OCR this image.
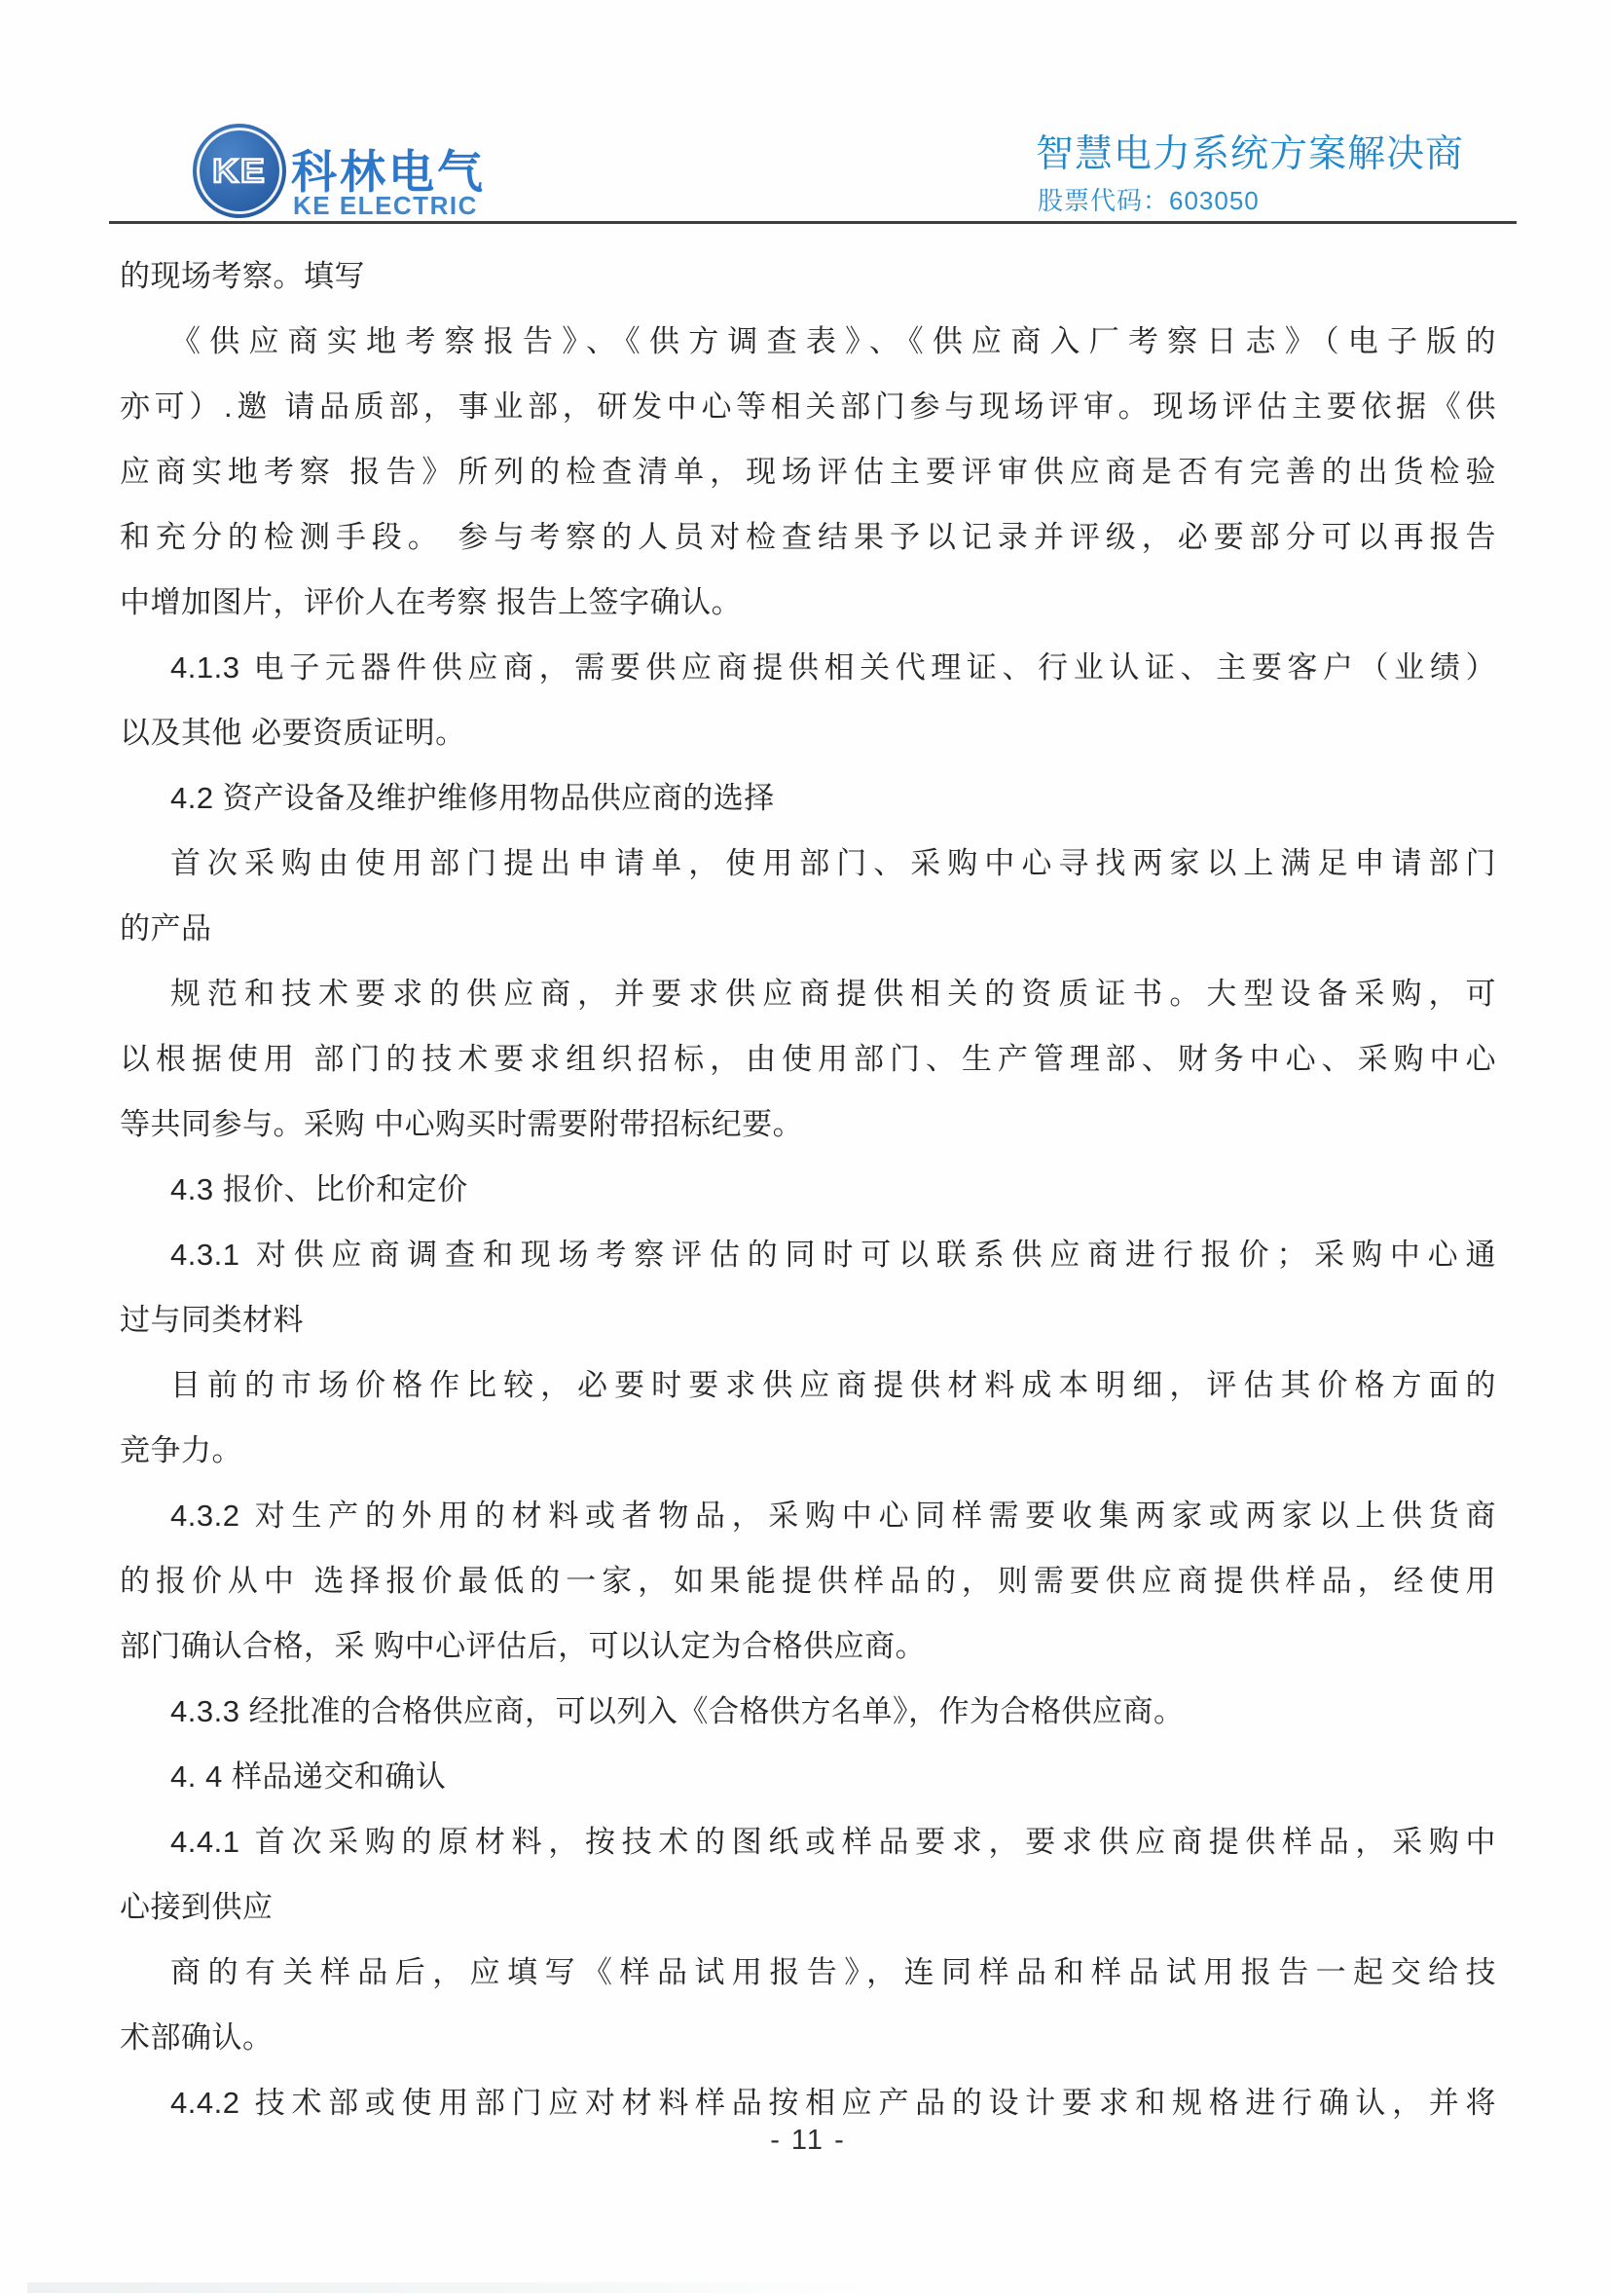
KE 科林电气
KE ELECTRIC
智慧电力系统方案解决商
股票代码：603050
的现场考察。填写
《供应商实地考察报告》、《供方调查表》、《供应商入厂考察日志》（电子版的
亦可）.邀 请品质部，事业部，研发中心等相关部门参与现场评审。现场评估主要依据《供
应商实地考察 报告》所列的检查清单，现场评估主要评审供应商是否有完善的出货检验
和充分的检测手段。 参与考察的人员对检查结果予以记录并评级，必要部分可以再报告
中增加图片，评价人在考察 报告上签字确认。
4.1.3 电子元器件供应商，需要供应商提供相关代理证、行业认证、主要客户（业绩）
以及其他 必要资质证明。
4.2 资产设备及维护维修用物品供应商的选择
首次采购由使用部门提出申请单，使用部门、采购中心寻找两家以上满足申请部门
的产品
规范和技术要求的供应商，并要求供应商提供相关的资质证书。大型设备采购，可
以根据使用 部门的技术要求组织招标，由使用部门、生产管理部、财务中心、采购中心
等共同参与。采购 中心购买时需要附带招标纪要。
4.3 报价、比价和定价
4.3.1 对供应商调查和现场考察评估的同时可以联系供应商进行报价；采购中心通
过与同类材料
目前的市场价格作比较，必要时要求供应商提供材料成本明细，评估其价格方面的
竞争力。
4.3.2 对生产的外用的材料或者物品，采购中心同样需要收集两家或两家以上供货商
的报价从中 选择报价最低的一家，如果能提供样品的，则需要供应商提供样品，经使用
部门确认合格，采 购中心评估后，可以认定为合格供应商。
4.3.3 经批准的合格供应商，可以列入《合格供方名单》，作为合格供应商。
4. 4 样品递交和确认
4.4.1 首次采购的原材料，按技术的图纸或样品要求，要求供应商提供样品，采购中
心接到供应
商的有关样品后，应填写《样品试用报告》，连同样品和样品试用报告一起交给技
术部确认。
4.4.2 技术部或使用部门应对材料样品按相应产品的设计要求和规格进行确认，并将
- 11 -
